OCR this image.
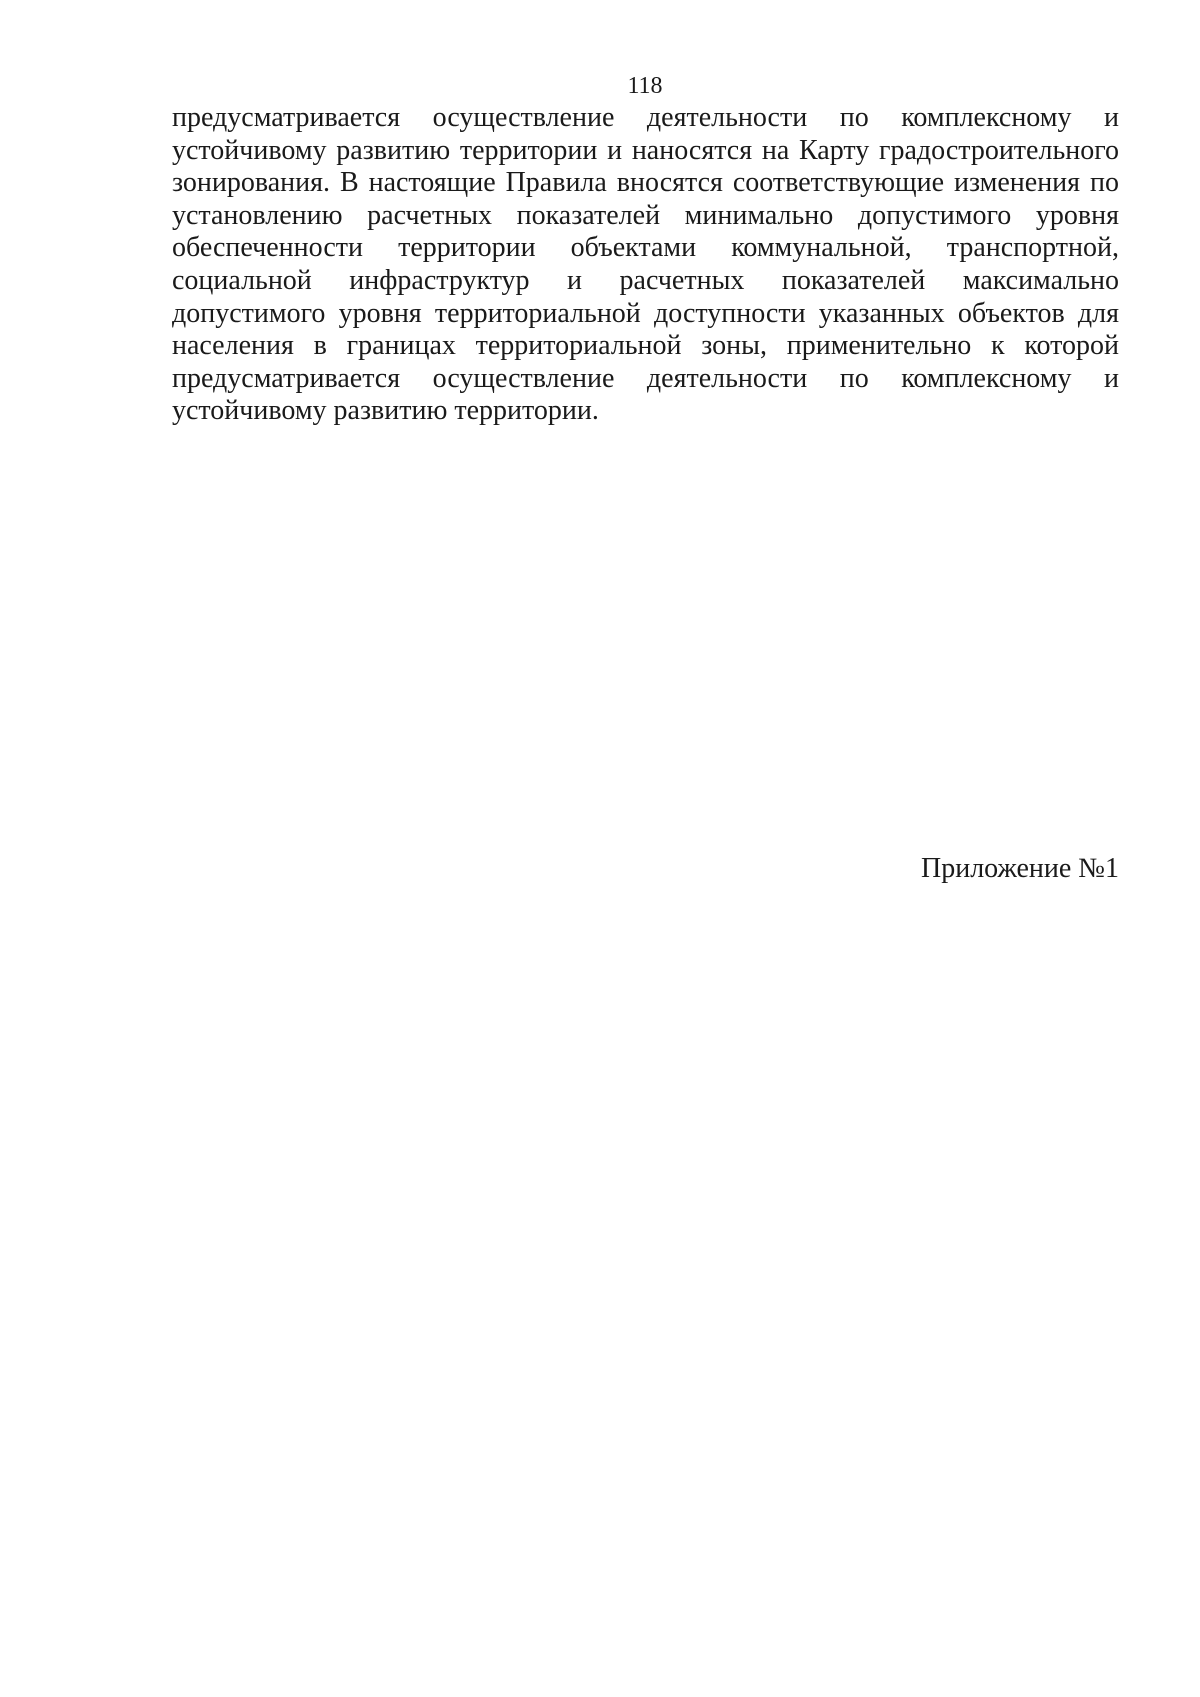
118
предусматривается осуществление деятельности по комплексному и
устойчивому развитию территории и наносятся на Карту градостроительного
зонирования. В настоящие Правила вносятся соответствующие изменения по
установлению расчетных показателей минимально допустимого уровня
обеспеченности территории объектами коммунальной, транспортной,
социальной инфраструктур и расчетных показателей максимально
допустимого уровня территориальной доступности указанных объектов для
населения в границах территориальной зоны, применительно к которой
предусматривается осуществление деятельности по комплексному и
устойчивому развитию территории.
Приложение №1
